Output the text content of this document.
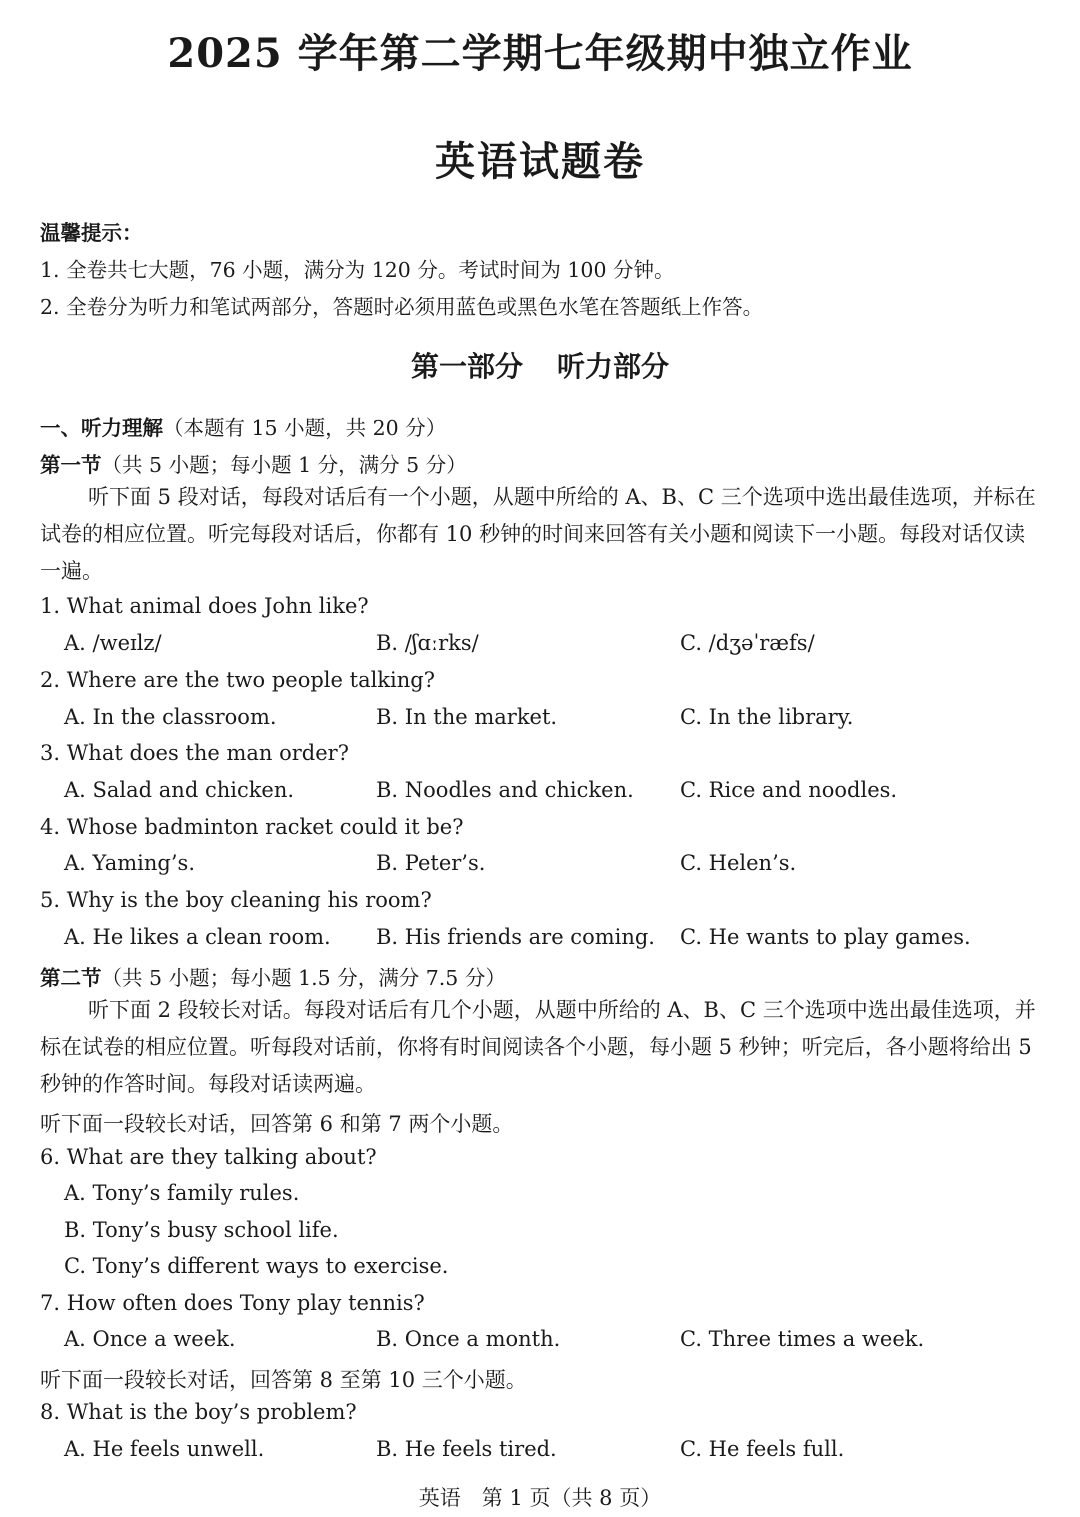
2025 学年第二学期七年级期中独立作业
英语试题卷
温馨提示：
1. 全卷共七大题，76 小题，满分为 120 分。考试时间为 100 分钟。
2. 全卷分为听力和笔试两部分，答题时必须用蓝色或黑色水笔在答题纸上作答。
第一部分 听力部分
一、听力理解（本题有 15 小题，共 20 分）
第一节（共 5 小题；每小题 1 分，满分 5 分）
听下面 5 段对话，每段对话后有一个小题，从题中所给的 A、B、C 三个选项中选出最佳选项，并标在试卷的相应位置。听完每段对话后，你都有 10 秒钟的时间来回答有关小题和阅读下一小题。每段对话仅读一遍。
1. What animal does John like?
A. /weɪlz/	B. /ʃɑːrks/	C. /dʒəˈræfs/
2. Where are the two people talking?
A. In the classroom.	B. In the market.	C. In the library.
3. What does the man order?
A. Salad and chicken.	B. Noodles and chicken. C. Rice and noodles.
4. Whose badminton racket could it be?
A. Yaming’s.	B. Peter’s.	C. Helen’s.
5. Why is the boy cleaning his room?
A. He likes a clean room. B. His friends are coming. C. He wants to play games.
第二节（共 5 小题；每小题 1.5 分，满分 7.5 分）
听下面 2 段较长对话。每段对话后有几个小题，从题中所给的 A、B、C 三个选项中选出最佳选项，并标在试卷的相应位置。听每段对话前，你将有时间阅读各个小题，每小题 5 秒钟；听完后，各小题将给出 5 秒钟的作答时间。每段对话读两遍。
听下面一段较长对话，回答第 6 和第 7 两个小题。
6. What are they talking about?
A. Tony’s family rules.
B. Tony’s busy school life.
C. Tony’s different ways to exercise.
7. How often does Tony play tennis?
A. Once a week.	B. Once a month.	C. Three times a week.
听下面一段较长对话，回答第 8 至第 10 三个小题。
8. What is the boy’s problem?
A. He feels unwell.	B. He feels tired.	C. He feels full.
英语　第 1 页（共 8 页）
